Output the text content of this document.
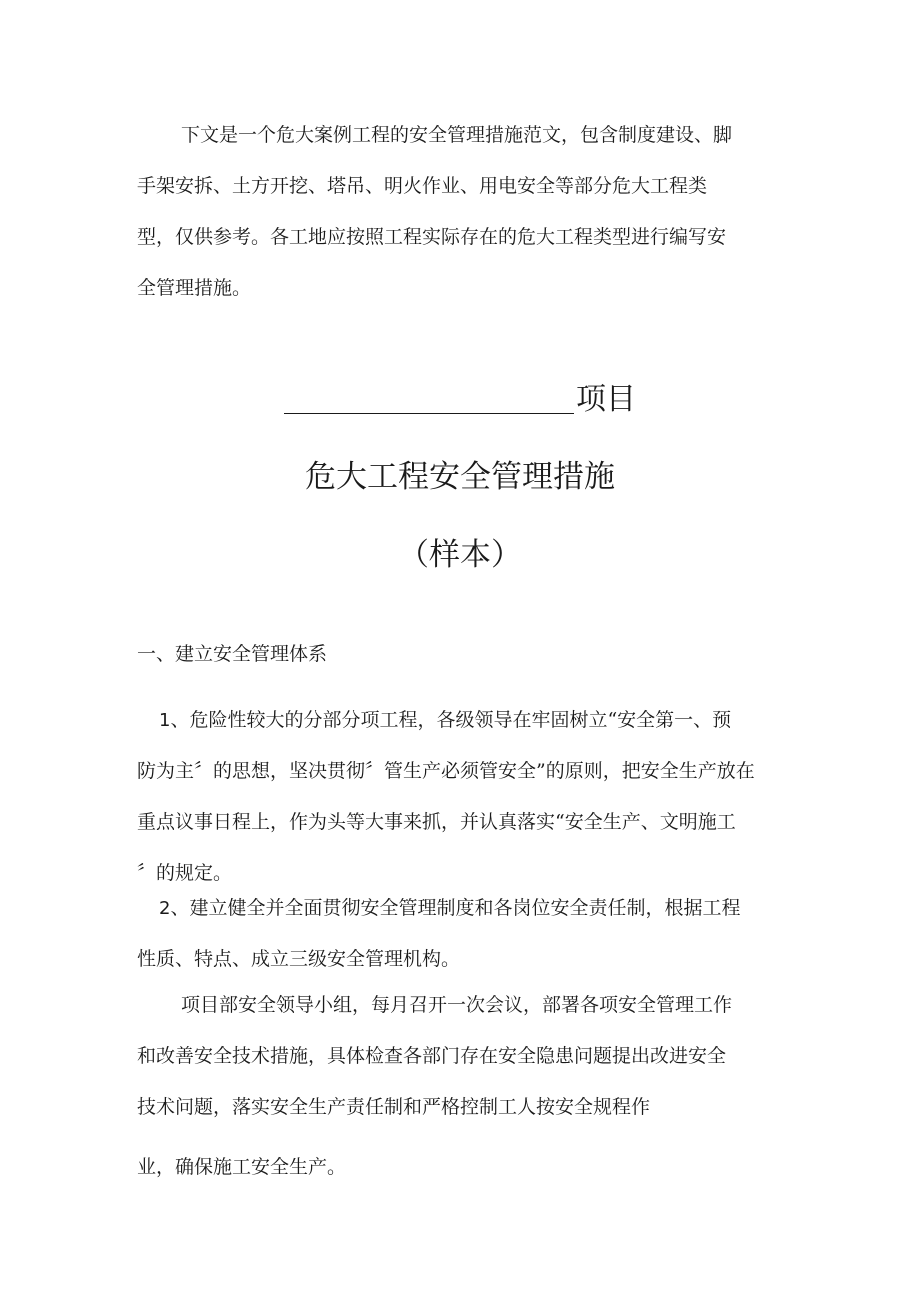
下文是一个危大案例工程的安全管理措施范文，包含制度建设、脚
手架安拆、土方开挖、塔吊、明火作业、用电安全等部分危大工程类
型，仅供参考。各工地应按照工程实际存在的危大工程类型进行编写安
全管理措施。

项目

危大工程安全管理措施

（样本）

一、建立安全管理体系

1、危险性较大的分部分项工程，各级领导在牢固树立“安全第一、预
防为主〞的思想，坚决贯彻〞管生产必须管安全”的原则，把安全生产放在
重点议事日程上，作为头等大事来抓，并认真落实“安全生产、文明施工
〞的规定。
2、建立健全并全面贯彻安全管理制度和各岗位安全责任制，根据工程
性质、特点、成立三级安全管理机构。
项目部安全领导小组，每月召开一次会议，部署各项安全管理工作
和改善安全技术措施，具体检查各部门存在安全隐患问题提出改进安全
技术问题，落实安全生产责任制和严格控制工人按安全规程作
业，确保施工安全生产。
